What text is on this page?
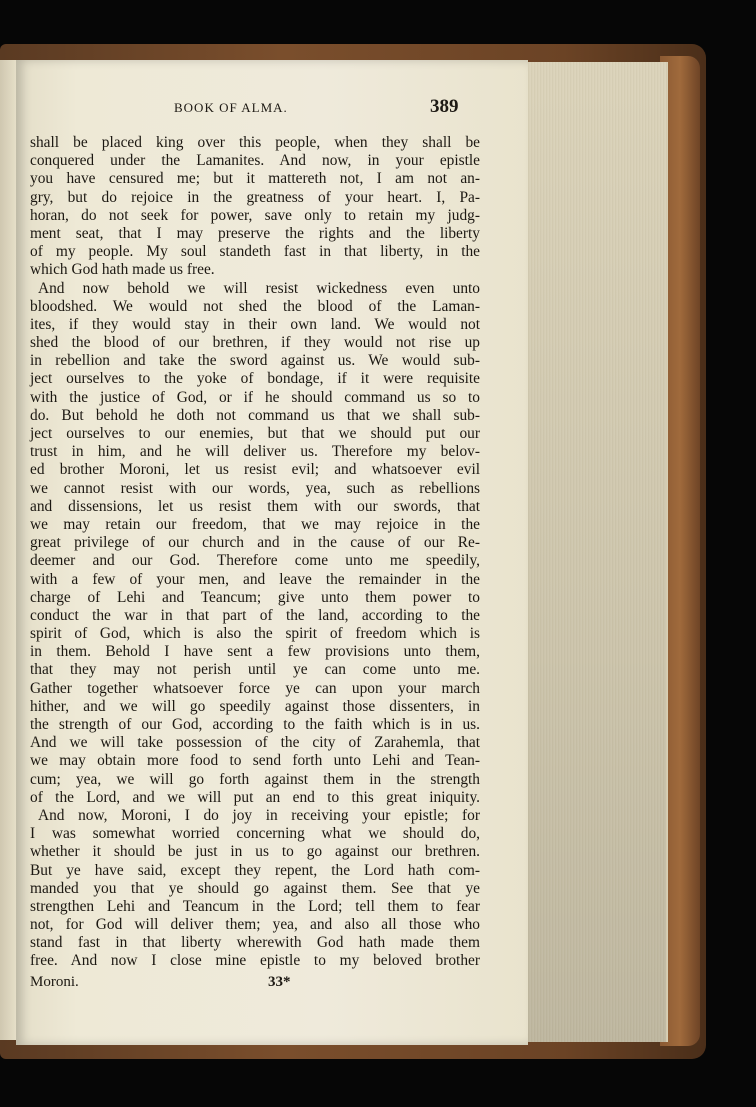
BOOK OF ALMA.	389
shall be placed king over this people, when they shall be
conquered under the Lamanites. And now, in your epistle
you have censured me; but it mattereth not, I am not an-
gry, but do rejoice in the greatness of your heart. I, Pa-
horan, do not seek for power, save only to retain my judg-
ment seat, that I may preserve the rights and the liberty
of my people. My soul standeth fast in that liberty, in the
which God hath made us free.
And now behold we will resist wickedness even unto
bloodshed. We would not shed the blood of the Laman-
ites, if they would stay in their own land. We would not
shed the blood of our brethren, if they would not rise up
in rebellion and take the sword against us. We would sub-
ject ourselves to the yoke of bondage, if it were requisite
with the justice of God, or if he should command us so to
do. But behold he doth not command us that we shall sub-
ject ourselves to our enemies, but that we should put our
trust in him, and he will deliver us. Therefore my belov-
ed brother Moroni, let us resist evil; and whatsoever evil
we cannot resist with our words, yea, such as rebellions
and dissensions, let us resist them with our swords, that
we may retain our freedom, that we may rejoice in the
great privilege of our church and in the cause of our Re-
deemer and our God. Therefore come unto me speedily,
with a few of your men, and leave the remainder in the
charge of Lehi and Teancum; give unto them power to
conduct the war in that part of the land, according to the
spirit of God, which is also the spirit of freedom which is
in them. Behold I have sent a few provisions unto them,
that they may not perish until ye can come unto me.
Gather together whatsoever force ye can upon your march
hither, and we will go speedily against those dissenters, in
the strength of our God, according to the faith which is in us.
And we will take possession of the city of Zarahemla, that
we may obtain more food to send forth unto Lehi and Tean-
cum; yea, we will go forth against them in the strength
of the Lord, and we will put an end to this great iniquity.
And now, Moroni, I do joy in receiving your epistle; for
I was somewhat worried concerning what we should do,
whether it should be just in us to go against our brethren.
But ye have said, except they repent, the Lord hath com-
manded you that ye should go against them. See that ye
strengthen Lehi and Teancum in the Lord; tell them to fear
not, for God will deliver them; yea, and also all those who
stand fast in that liberty wherewith God hath made them
free. And now I close mine epistle to my beloved brother
Moroni.	33*
